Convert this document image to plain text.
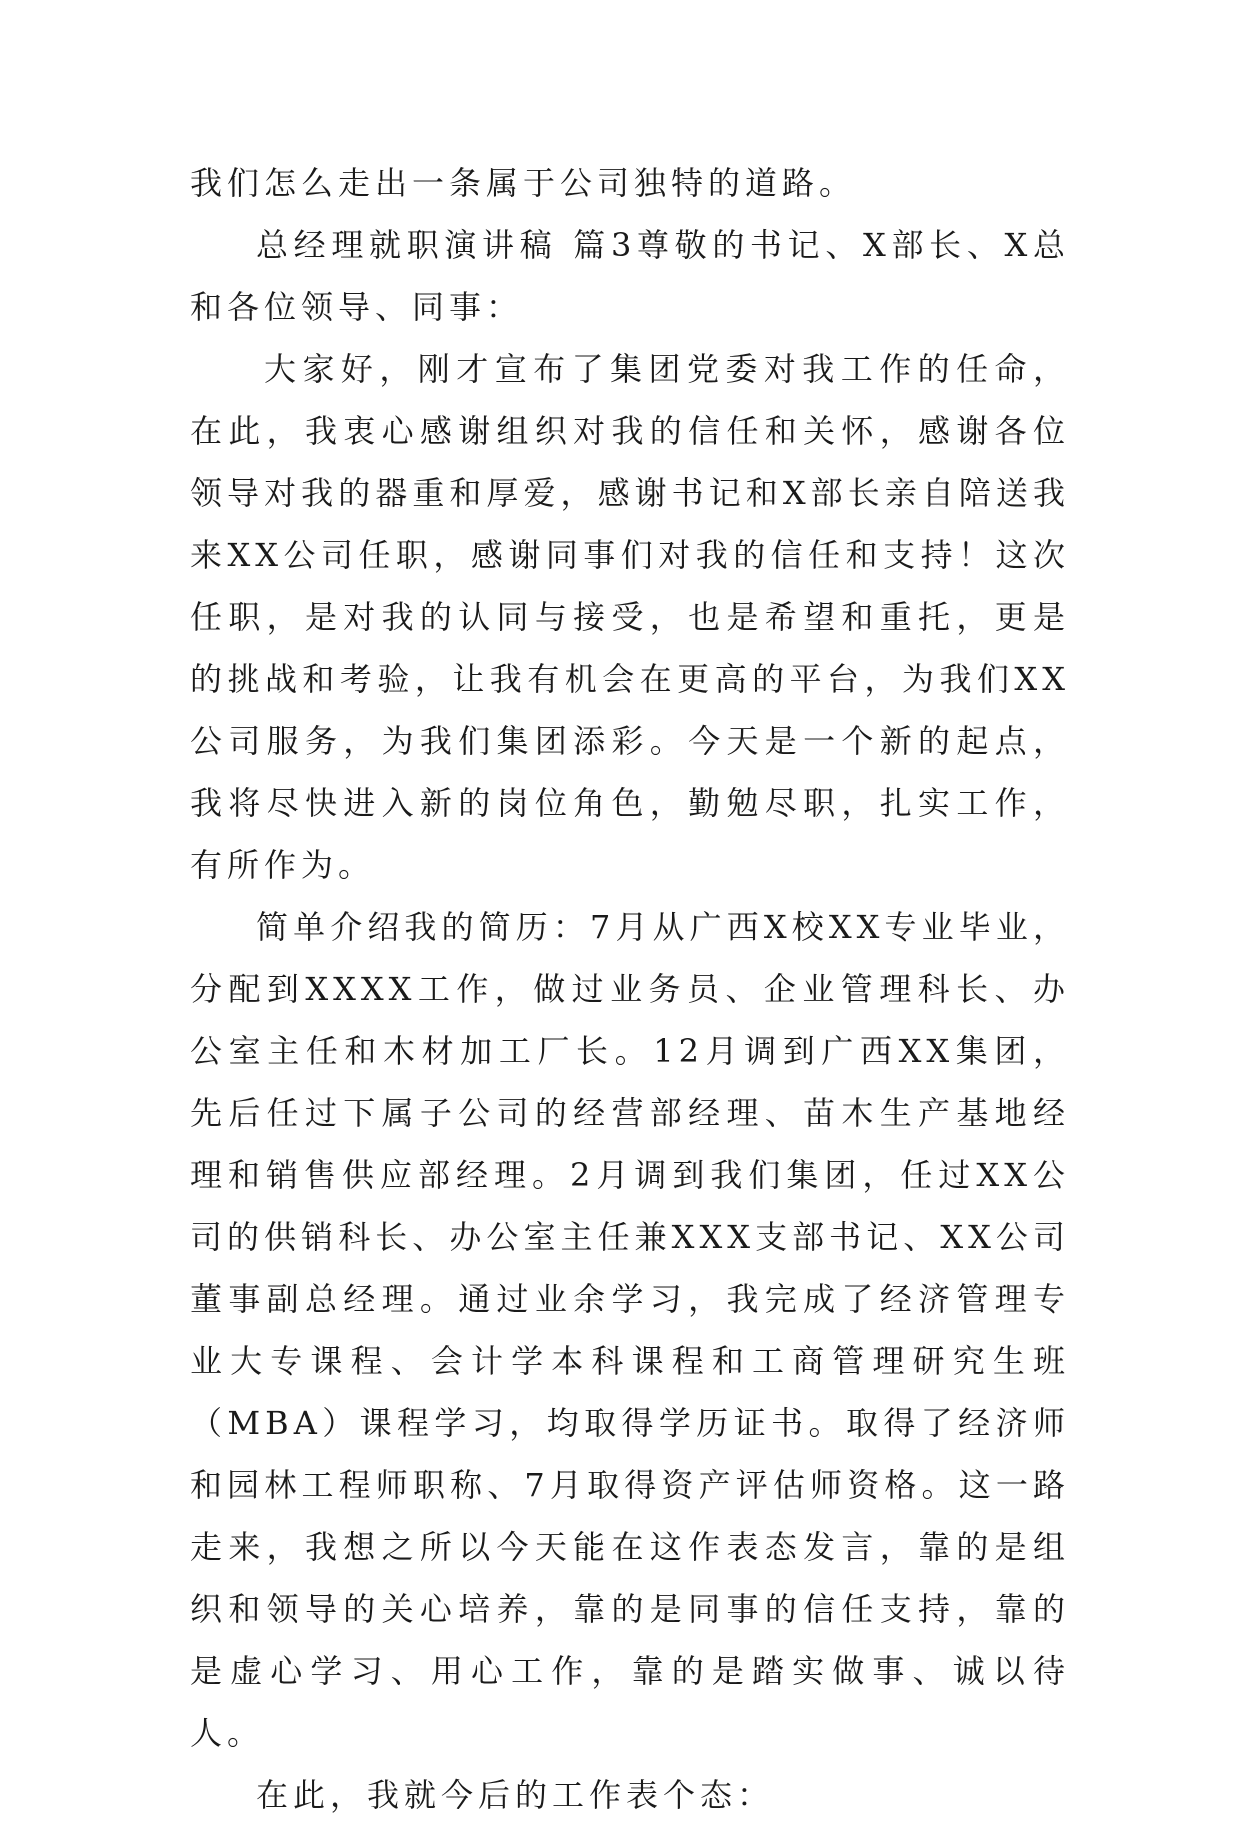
我们怎么走出一条属于公司独特的道路。

总经理就职演讲稿 篇3尊敬的书记、X部长、X总和各位领导、同事：

大家好，刚才宣布了集团党委对我工作的任命，在此，我衷心感谢组织对我的信任和关怀，感谢各位领导对我的器重和厚爱，感谢书记和X部长亲自陪送我来XX公司任职，感谢同事们对我的信任和支持！这次任职，是对我的认同与接受，也是希望和重托，更是的挑战和考验，让我有机会在更高的平台，为我们XX公司服务，为我们集团添彩。今天是一个新的起点，我将尽快进入新的岗位角色，勤勉尽职，扎实工作，有所作为。

简单介绍我的简历：7月从广西X校XX专业毕业，分配到XXXX工作，做过业务员、企业管理科长、办公室主任和木材加工厂长。12月调到广西XX集团，先后任过下属子公司的经营部经理、苗木生产基地经理和销售供应部经理。2月调到我们集团，任过XX公司的供销科长、办公室主任兼XXX支部书记、XX公司董事副总经理。通过业余学习，我完成了经济管理专业大专课程、会计学本科课程和工商管理研究生班（MBA）课程学习，均取得学历证书。取得了经济师和园林工程师职称、7月取得资产评估师资格。这一路走来，我想之所以今天能在这作表态发言，靠的是组织和领导的关心培养，靠的是同事的信任支持，靠的是虚心学习、用心工作，靠的是踏实做事、诚以待人。

在此，我就今后的工作表个态：
